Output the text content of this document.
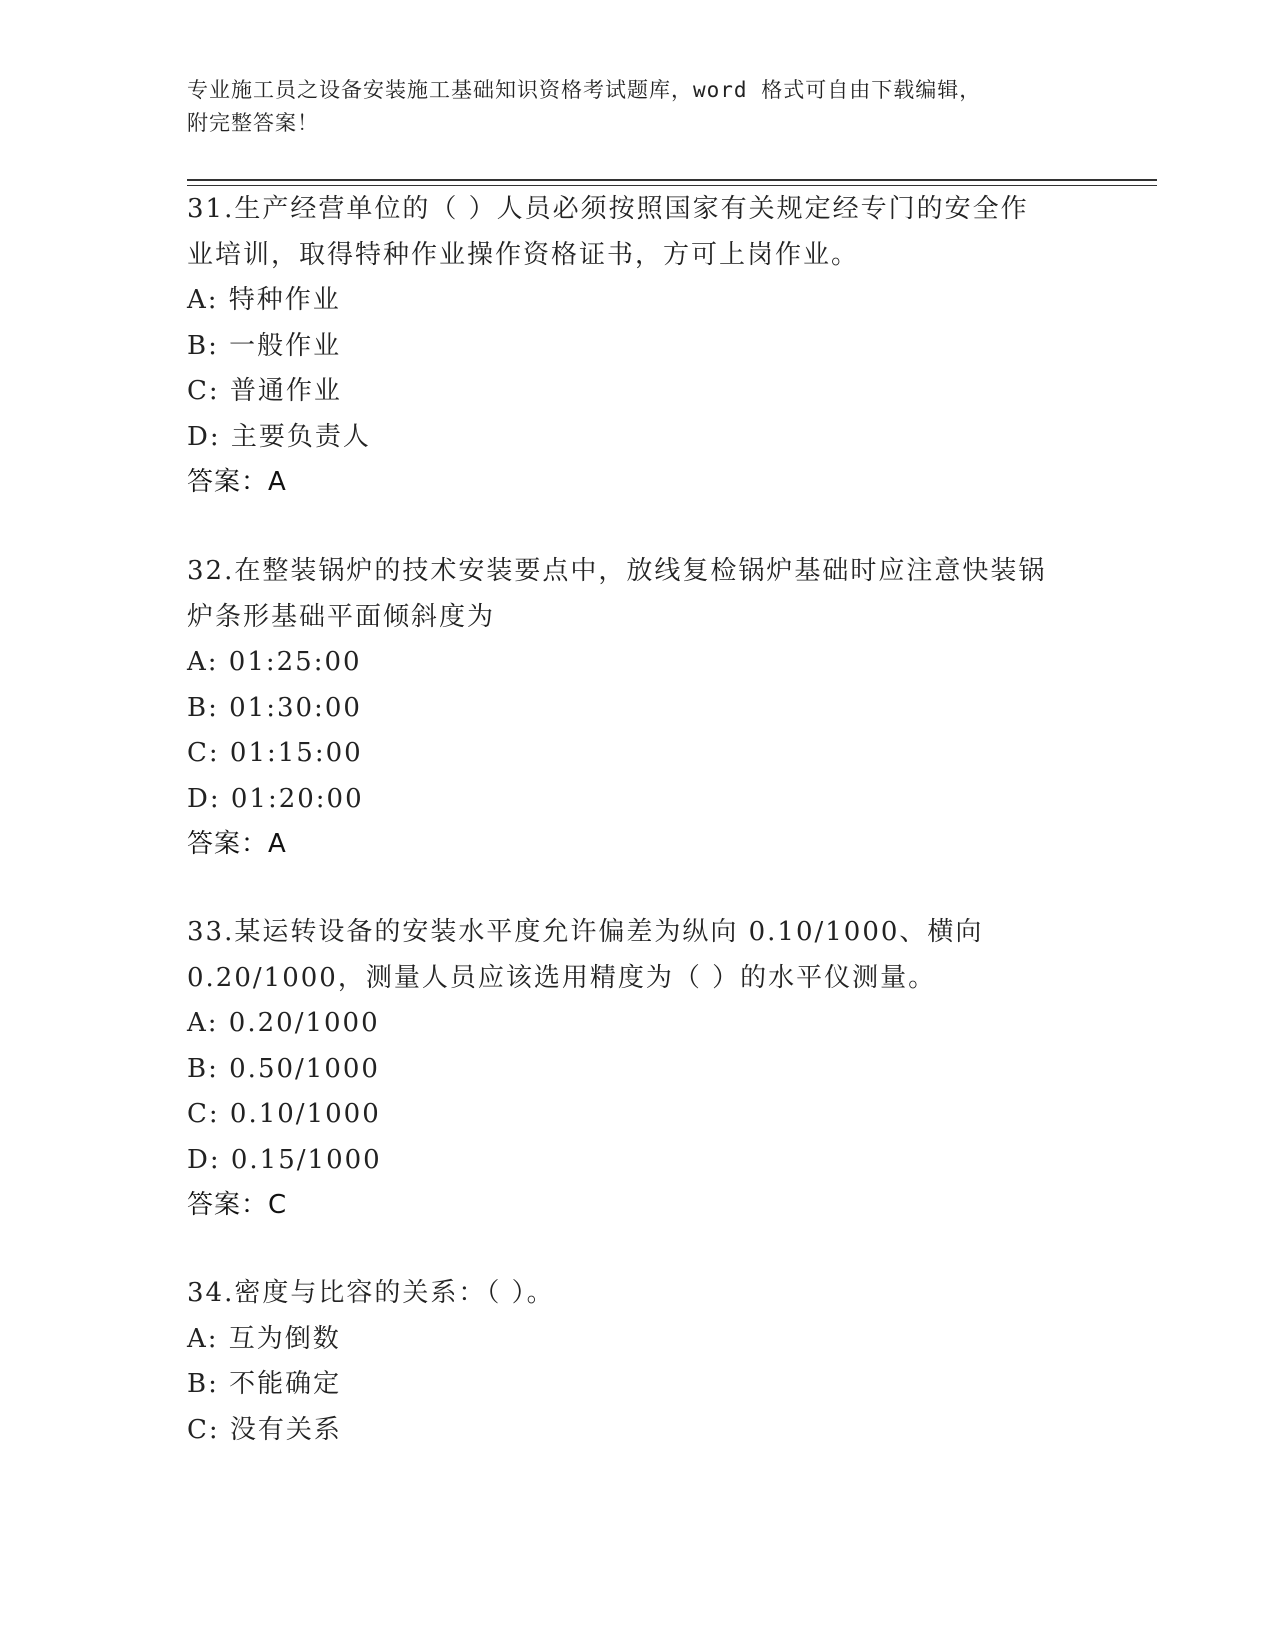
专业施工员之设备安装施工基础知识资格考试题库，word 格式可自由下载编辑，
附完整答案！
31.生产经营单位的（ ）人员必须按照国家有关规定经专门的安全作
业培训，取得特种作业操作资格证书，方可上岗作业。
A: 特种作业
B: 一般作业
C: 普通作业
D: 主要负责人
答案：A
32.在整装锅炉的技术安装要点中，放线复检锅炉基础时应注意快装锅
炉条形基础平面倾斜度为
A: 01:25:00
B: 01:30:00
C: 01:15:00
D: 01:20:00
答案：A
33.某运转设备的安装水平度允许偏差为纵向 0.10/1000、横向
0.20/1000，测量人员应该选用精度为（ ）的水平仪测量。
A: 0.20/1000
B: 0.50/1000
C: 0.10/1000
D: 0.15/1000
答案：C
34.密度与比容的关系：（ ）。
A: 互为倒数
B: 不能确定
C: 没有关系
